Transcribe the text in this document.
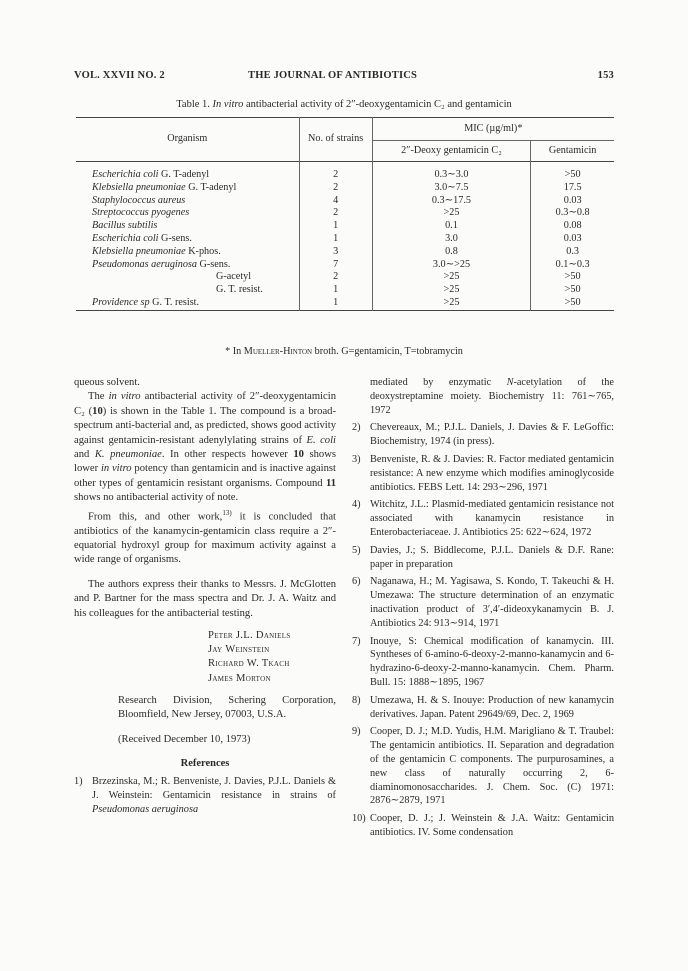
VOL. XXVII NO. 2	THE JOURNAL OF ANTIBIOTICS	153
Table 1. In vitro antibacterial activity of 2″-deoxygentamicin C₂ and gentamicin
Organism	No. of strains	MIC (µg/ml)*	
		2″-Deoxy gentamicin C₂	Gentamicin
Escherichia coli G. T-adenyl	2	0.3∼3.0	>50
Klebsiella pneumoniae G. T-adenyl	2	3.0∼7.5	17.5
Staphylococcus aureus	4	0.3∼17.5	0.03
Streptococcus pyogenes	2	>25	0.3∼0.8
Bacillus subtilis	1	0.1	0.08
Escherichia coli G-sens.	1	3.0	0.03
Klebsiella pneumoniae K-phos.	3	0.8	0.3
Pseudomonas aeruginosa G-sens.	7	3.0∼>25	0.1∼0.3
G-acetyl	2	>25	>50
G. T. resist.	1	>25	>50
Providence sp G. T. resist.	1	>25	>50
* In Mueller-Hinton broth. G=gentamicin, T=tobramycin

queous solvent.

The in vitro antibacterial activity of 2″-deoxygentamicin C₂ (10) is shown in the Table 1. The compound is a broad-spectrum anti-bacterial and, as predicted, shows good activity against gentamicin-resistant adenylylating strains of E. coli and K. pneumoniae. In other respects however 10 shows lower in vitro potency than gentamicin and is inactive against other types of gentamicin resistant organisms. Compound 11 shows no antibacterial activity of note.

From this, and other work,$^{13)}$ it is concluded that antibiotics of the kanamycin-gentamicin class require a 2″-equatorial hydroxyl group for maximum activity against a wide range of organisms.

The authors express their thanks to Messrs. J. McGlotten and P. Bartner for the mass spectra and Dr. J. A. Waitz and his colleagues for the antibacterial testing.

Peter J.L. Daniels
Jay Weinstein
Richard W. Tkach
James Morton

Research Division, Schering Corporation, Bloomfield, New Jersey, 07003, U.S.A.

(Received December 10, 1973)

References

1) Brzezinska, M.; R. Benveniste, J. Davies, P.J.L. Daniels & J. Weinstein: Gentamicin resistance in strains of Pseudomonas aeruginosa
mediated by enzymatic N-acetylation of the deoxystreptamine moiety. Biochemistry 11: 761∼765, 1972
2) Chevereaux, M.; P.J.L. Daniels, J. Davies & F. LeGoffic: Biochemistry, 1974 (in press).
3) Benveniste, R. & J. Davies: R. Factor mediated gentamicin resistance: A new enzyme which modifies aminoglycoside antibiotics. FEBS Lett. 14: 293∼296, 1971
4) Witchitz, J.L.: Plasmid-mediated gentamicin resistance not associated with kanamycin resistance in Enterobacteriaceae. J. Antibiotics 25: 622∼624, 1972
5) Davies, J.; S. Biddlecome, P.J.L. Daniels & D.F. Rane: paper in preparation
6) Naganawa, H.; M. Yagisawa, S. Kondo, T. Takeuchi & H. Umezawa: The structure determination of an enzymatic inactivation product of 3′,4′-dideoxykanamycin B. J. Antibiotics 24: 913∼914, 1971
7) Inouye, S: Chemical modification of kanamycin. III. Syntheses of 6-amino-6-deoxy-2-manno-kanamycin and 6-hydrazino-6-deoxy-2-manno-kanamycin. Chem. Pharm. Bull. 15: 1888∼1895, 1967
8) Umezawa, H. & S. Inouye: Production of new kanamycin derivatives. Japan. Patent 29649/69, Dec. 2, 1969
9) Cooper, D. J.; M.D. Yudis, H.M. Marigliano & T. Traubel: The gentamicin antibiotics. II. Separation and degradation of the gentamicin C components. The purpurosamines, a new class of naturally occurring 2, 6-diaminomonosaccharides. J. Chem. Soc. (C) 1971: 2876∼2879, 1971
10) Cooper, D. J.; J. Weinstein & J.A. Waitz: Gentamicin antibiotics. IV. Some condensation
